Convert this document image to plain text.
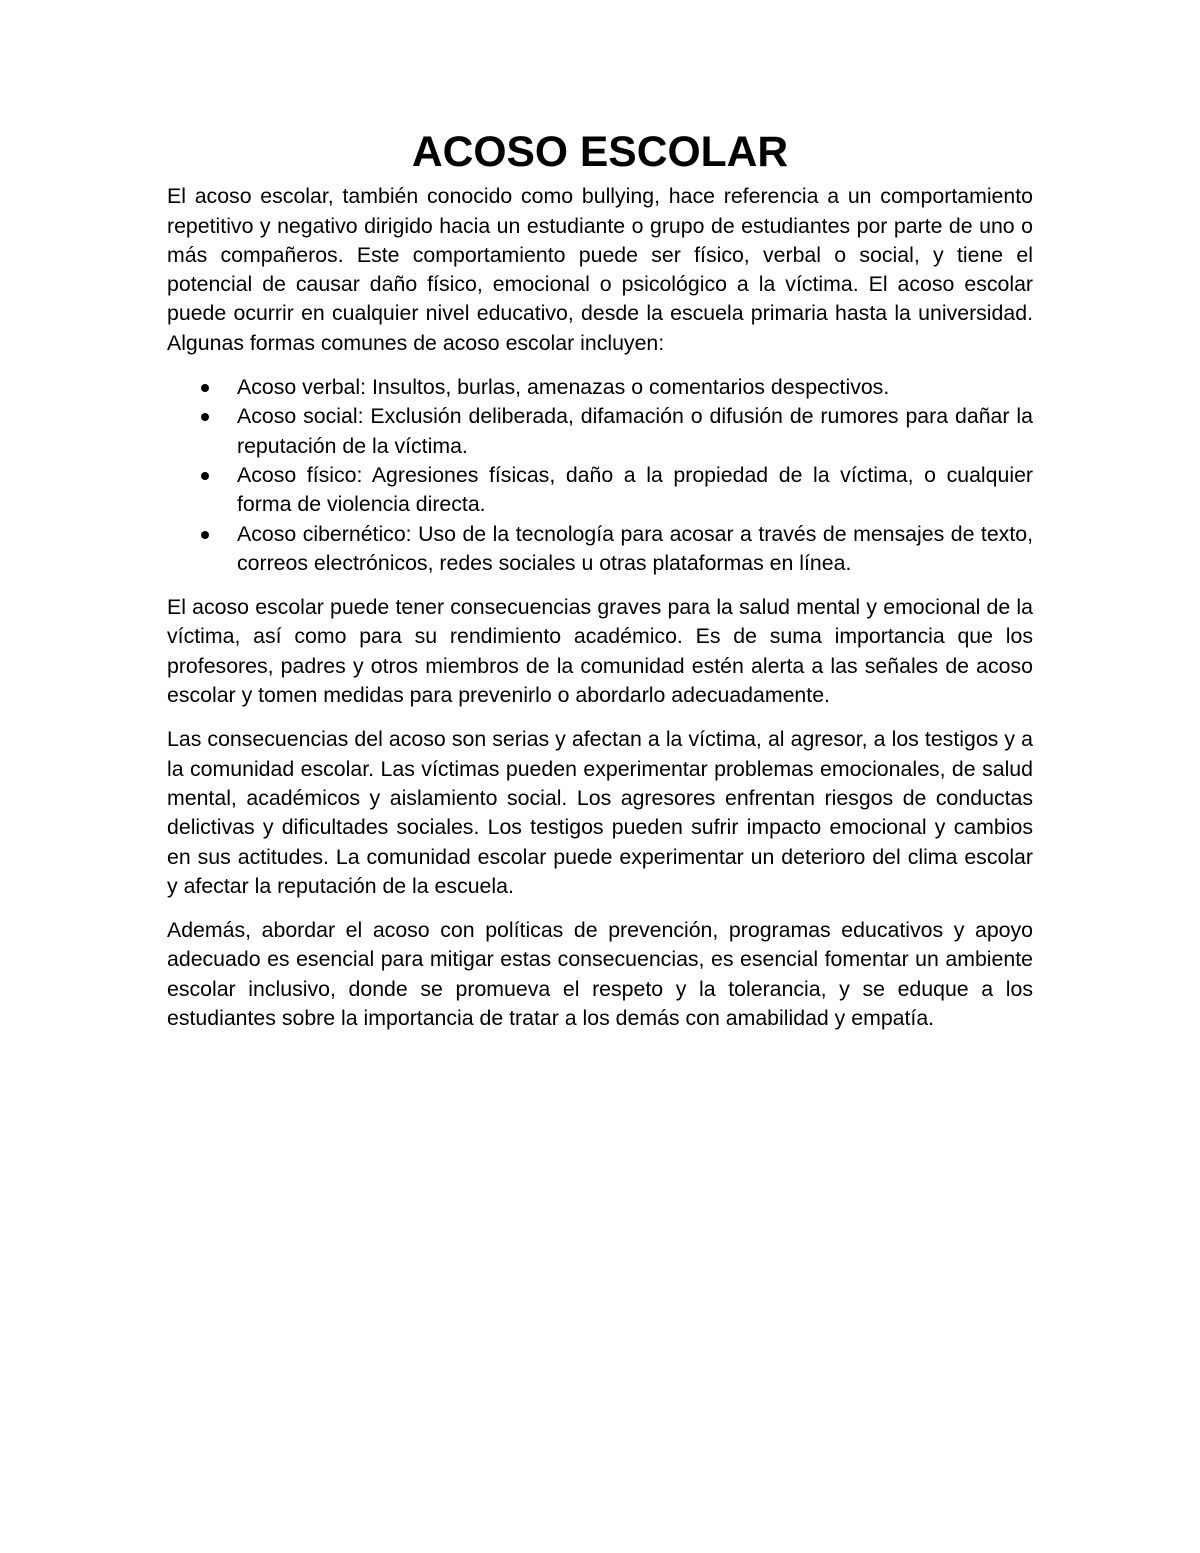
ACOSO ESCOLAR

El acoso escolar, también conocido como bullying, hace referencia a un comportamiento repetitivo y negativo dirigido hacia un estudiante o grupo de estudiantes por parte de uno o más compañeros. Este comportamiento puede ser físico, verbal o social, y tiene el potencial de causar daño físico, emocional o psicológico a la víctima. El acoso escolar puede ocurrir en cualquier nivel educativo, desde la escuela primaria hasta la universidad. Algunas formas comunes de acoso escolar incluyen:

Acoso verbal: Insultos, burlas, amenazas o comentarios despectivos.
Acoso social: Exclusión deliberada, difamación o difusión de rumores para dañar la reputación de la víctima.
Acoso físico: Agresiones físicas, daño a la propiedad de la víctima, o cualquier forma de violencia directa.
Acoso cibernético: Uso de la tecnología para acosar a través de mensajes de texto, correos electrónicos, redes sociales u otras plataformas en línea.

El acoso escolar puede tener consecuencias graves para la salud mental y emocional de la víctima, así como para su rendimiento académico. Es de suma importancia que los profesores, padres y otros miembros de la comunidad estén alerta a las señales de acoso escolar y tomen medidas para prevenirlo o abordarlo adecuadamente.

Las consecuencias del acoso son serias y afectan a la víctima, al agresor, a los testigos y a la comunidad escolar. Las víctimas pueden experimentar problemas emocionales, de salud mental, académicos y aislamiento social. Los agresores enfrentan riesgos de conductas delictivas y dificultades sociales. Los testigos pueden sufrir impacto emocional y cambios en sus actitudes. La comunidad escolar puede experimentar un deterioro del clima escolar y afectar la reputación de la escuela.

Además, abordar el acoso con políticas de prevención, programas educativos y apoyo adecuado es esencial para mitigar estas consecuencias, es esencial fomentar un ambiente escolar inclusivo, donde se promueva el respeto y la tolerancia, y se eduque a los estudiantes sobre la importancia de tratar a los demás con amabilidad y empatía.
